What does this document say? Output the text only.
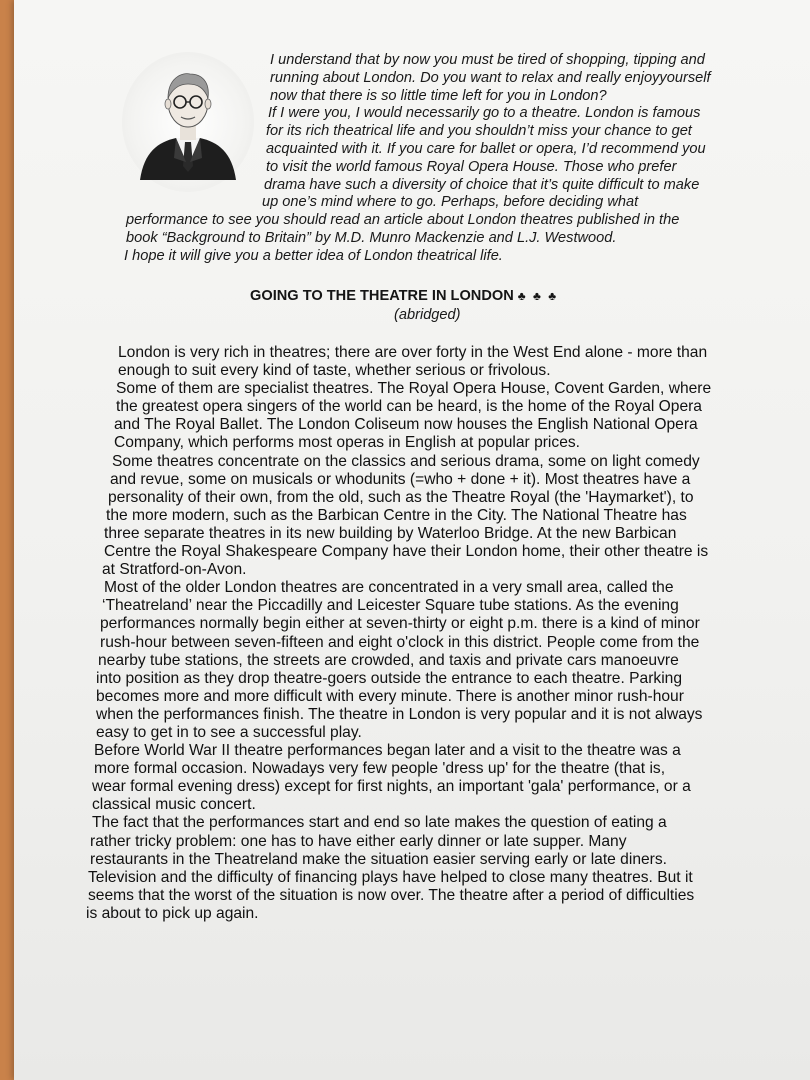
I understand that by now you must be tired of shopping, tipping and
running about London. Do you want to relax and really enjoyyourself
now that there is so little time left for you in London?
If I were you, I would necessarily go to a theatre. London is famous
for its rich theatrical life and you shouldn’t miss your chance to get
acquainted with it. If you care for ballet or opera, I’d recommend you
to visit the world famous Royal Opera House. Those who prefer
drama have such a diversity of choice that it’s quite difficult to make
up one’s mind where to go. Perhaps, before deciding what
performance to see you should read an article about London theatres published in the
book “Background to Britain” by M.D. Munro Mackenzie and L.J. Westwood.
I hope it will give you a better idea of London theatrical life.
GOING TO THE THEATRE IN LONDON ♣ ♣ ♣
(abridged)
London is very rich in theatres; there are over forty in the West End alone - more than
enough to suit every kind of taste, whether serious or frivolous.
Some of them are specialist theatres. The Royal Opera House, Covent Garden, where
the greatest opera singers of the world can be heard, is the home of the Royal Opera
and The Royal Ballet. The London Coliseum now houses the English National Opera
Company, which performs most operas in English at popular prices.
Some theatres concentrate on the classics and serious drama, some on light comedy
and revue, some on musicals or whodunits (=who + done + it). Most theatres have a
personality of their own, from the old, such as the Theatre Royal (the 'Haymarket'), to
the more modern, such as the Barbican Centre in the City. The National Theatre has
three separate theatres in its new building by Waterloo Bridge. At the new Barbican
Centre the Royal Shakespeare Company have their London home, their other theatre is
at Stratford-on-Avon.
Most of the older London theatres are concentrated in a very small area, called the
‘Theatreland’ near the Piccadilly and Leicester Square tube stations. As the evening
performances normally begin either at seven-thirty or eight p.m. there is a kind of minor
rush-hour between seven-fifteen and eight o'clock in this district. People come from the
nearby tube stations, the streets are crowded, and taxis and private cars manoeuvre
into position as they drop theatre-goers outside the entrance to each theatre. Parking
becomes more and more difficult with every minute. There is another minor rush-hour
when the performances finish. The theatre in London is very popular and it is not always
easy to get in to see a successful play.
Before World War II theatre performances began later and a visit to the theatre was a
more formal occasion. Nowadays very few people 'dress up' for the theatre (that is,
wear formal evening dress) except for first nights, an important 'gala' performance, or a
classical music concert.
The fact that the performances start and end so late makes the question of eating a
rather tricky problem: one has to have either early dinner or late supper. Many
restaurants in the Theatreland make the situation easier serving early or late diners.
Television and the difficulty of financing plays have helped to close many theatres. But it
seems that the worst of the situation is now over. The theatre after a period of difficulties
is about to pick up again.
